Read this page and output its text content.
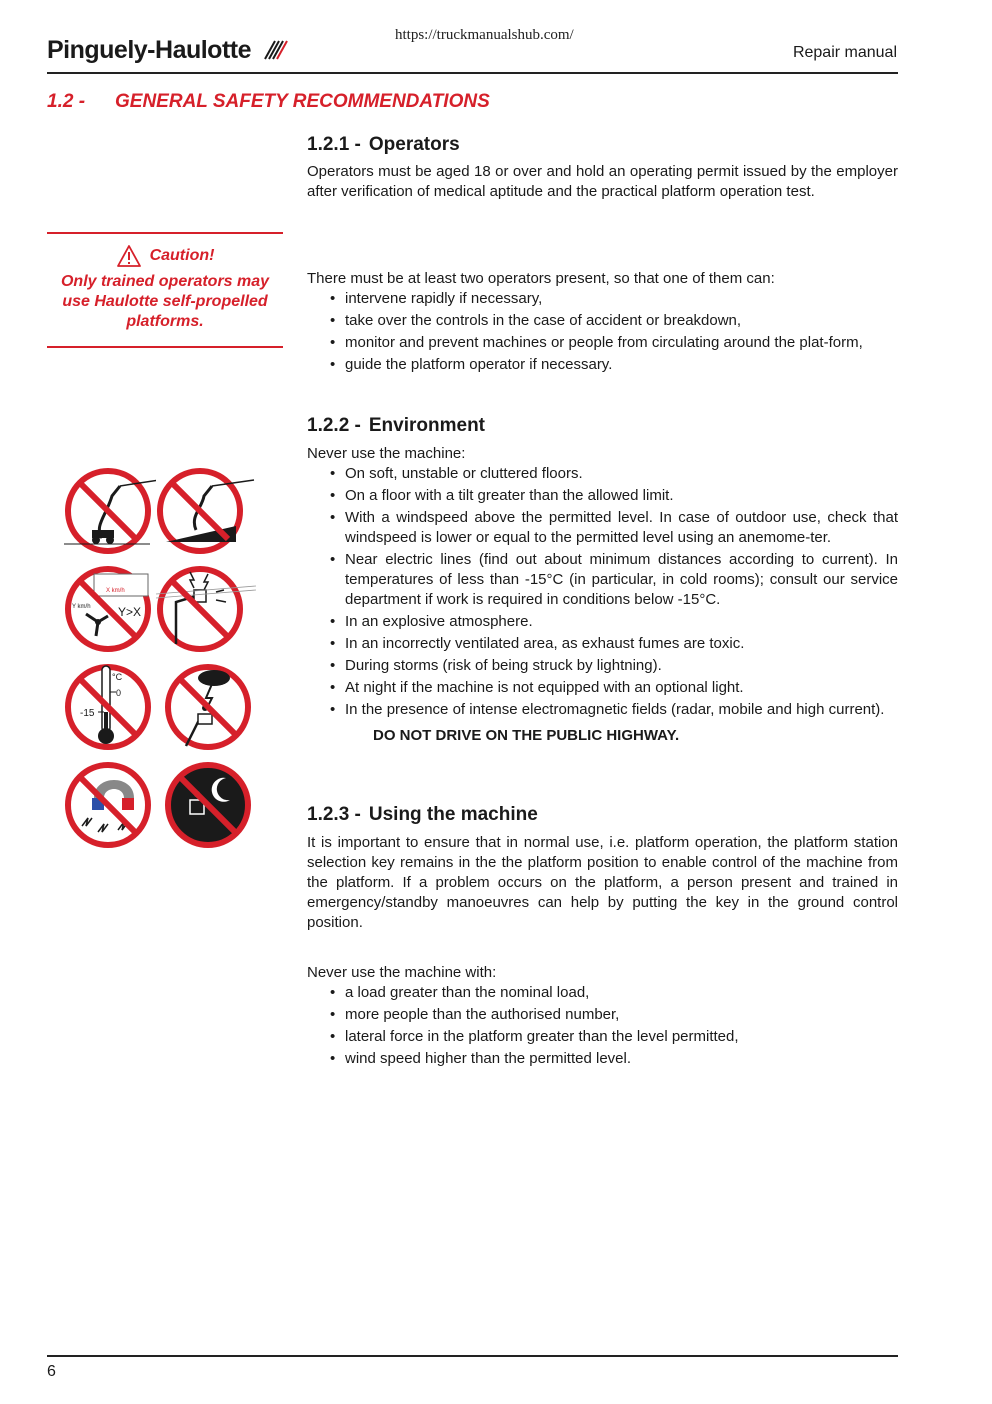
Pinguely-Haulotte
https://truckmanualshub.com/
Repair manual
1.2 - GENERAL SAFETY RECOMMENDATIONS
Caution!
Only trained operators may use Haulotte self-propelled platforms.
1.2.1 - Operators

Operators must be aged 18 or over and hold an operating permit issued by the employer after verification of medical aptitude and the practical platform operation test.

There must be at least two operators present, so that one of them can:

• intervene rapidly if necessary,
• take over the controls in the case of accident or breakdown,
• monitor and prevent machines or people from circulating around the plat-form,
• guide the platform operator if necessary.
1.2.2 - Environment

Never use the machine:

• On soft, unstable or cluttered floors.
• On a floor with a tilt greater than the allowed limit.
• With a windspeed above the permitted level. In case of outdoor use, check that windspeed is lower or equal to the permitted level using an anemome-ter.
• Near electric lines (find out about minimum distances according to current). In temperatures of less than -15°C (in particular, in cold rooms); consult our service department if work is required in conditions below -15°C.
• In an explosive atmosphere.
• In an incorrectly ventilated area, as exhaust fumes are toxic.
• During storms (risk of being struck by lightning).
• At night if the machine is not equipped with an optional light.
• In the presence of intense electromagnetic fields (radar, mobile and high current).
DO NOT DRIVE ON THE PUBLIC HIGHWAY.
1.2.3 - Using the machine

It is important to ensure that in normal use, i.e. platform operation, the platform station selection key remains in the the platform position to enable control of the machine from the platform. If a problem occurs on the platform, a person present and trained in emergency/standby manoeuvres can help by putting the key in the ground control position.

Never use the machine with:

• a load greater than the nominal load,
• more people than the authorised number,
• lateral force in the platform greater than the level permitted,
• wind speed higher than the permitted level.
X km/h
Y km/h Y>X
°C
0
-15
6
